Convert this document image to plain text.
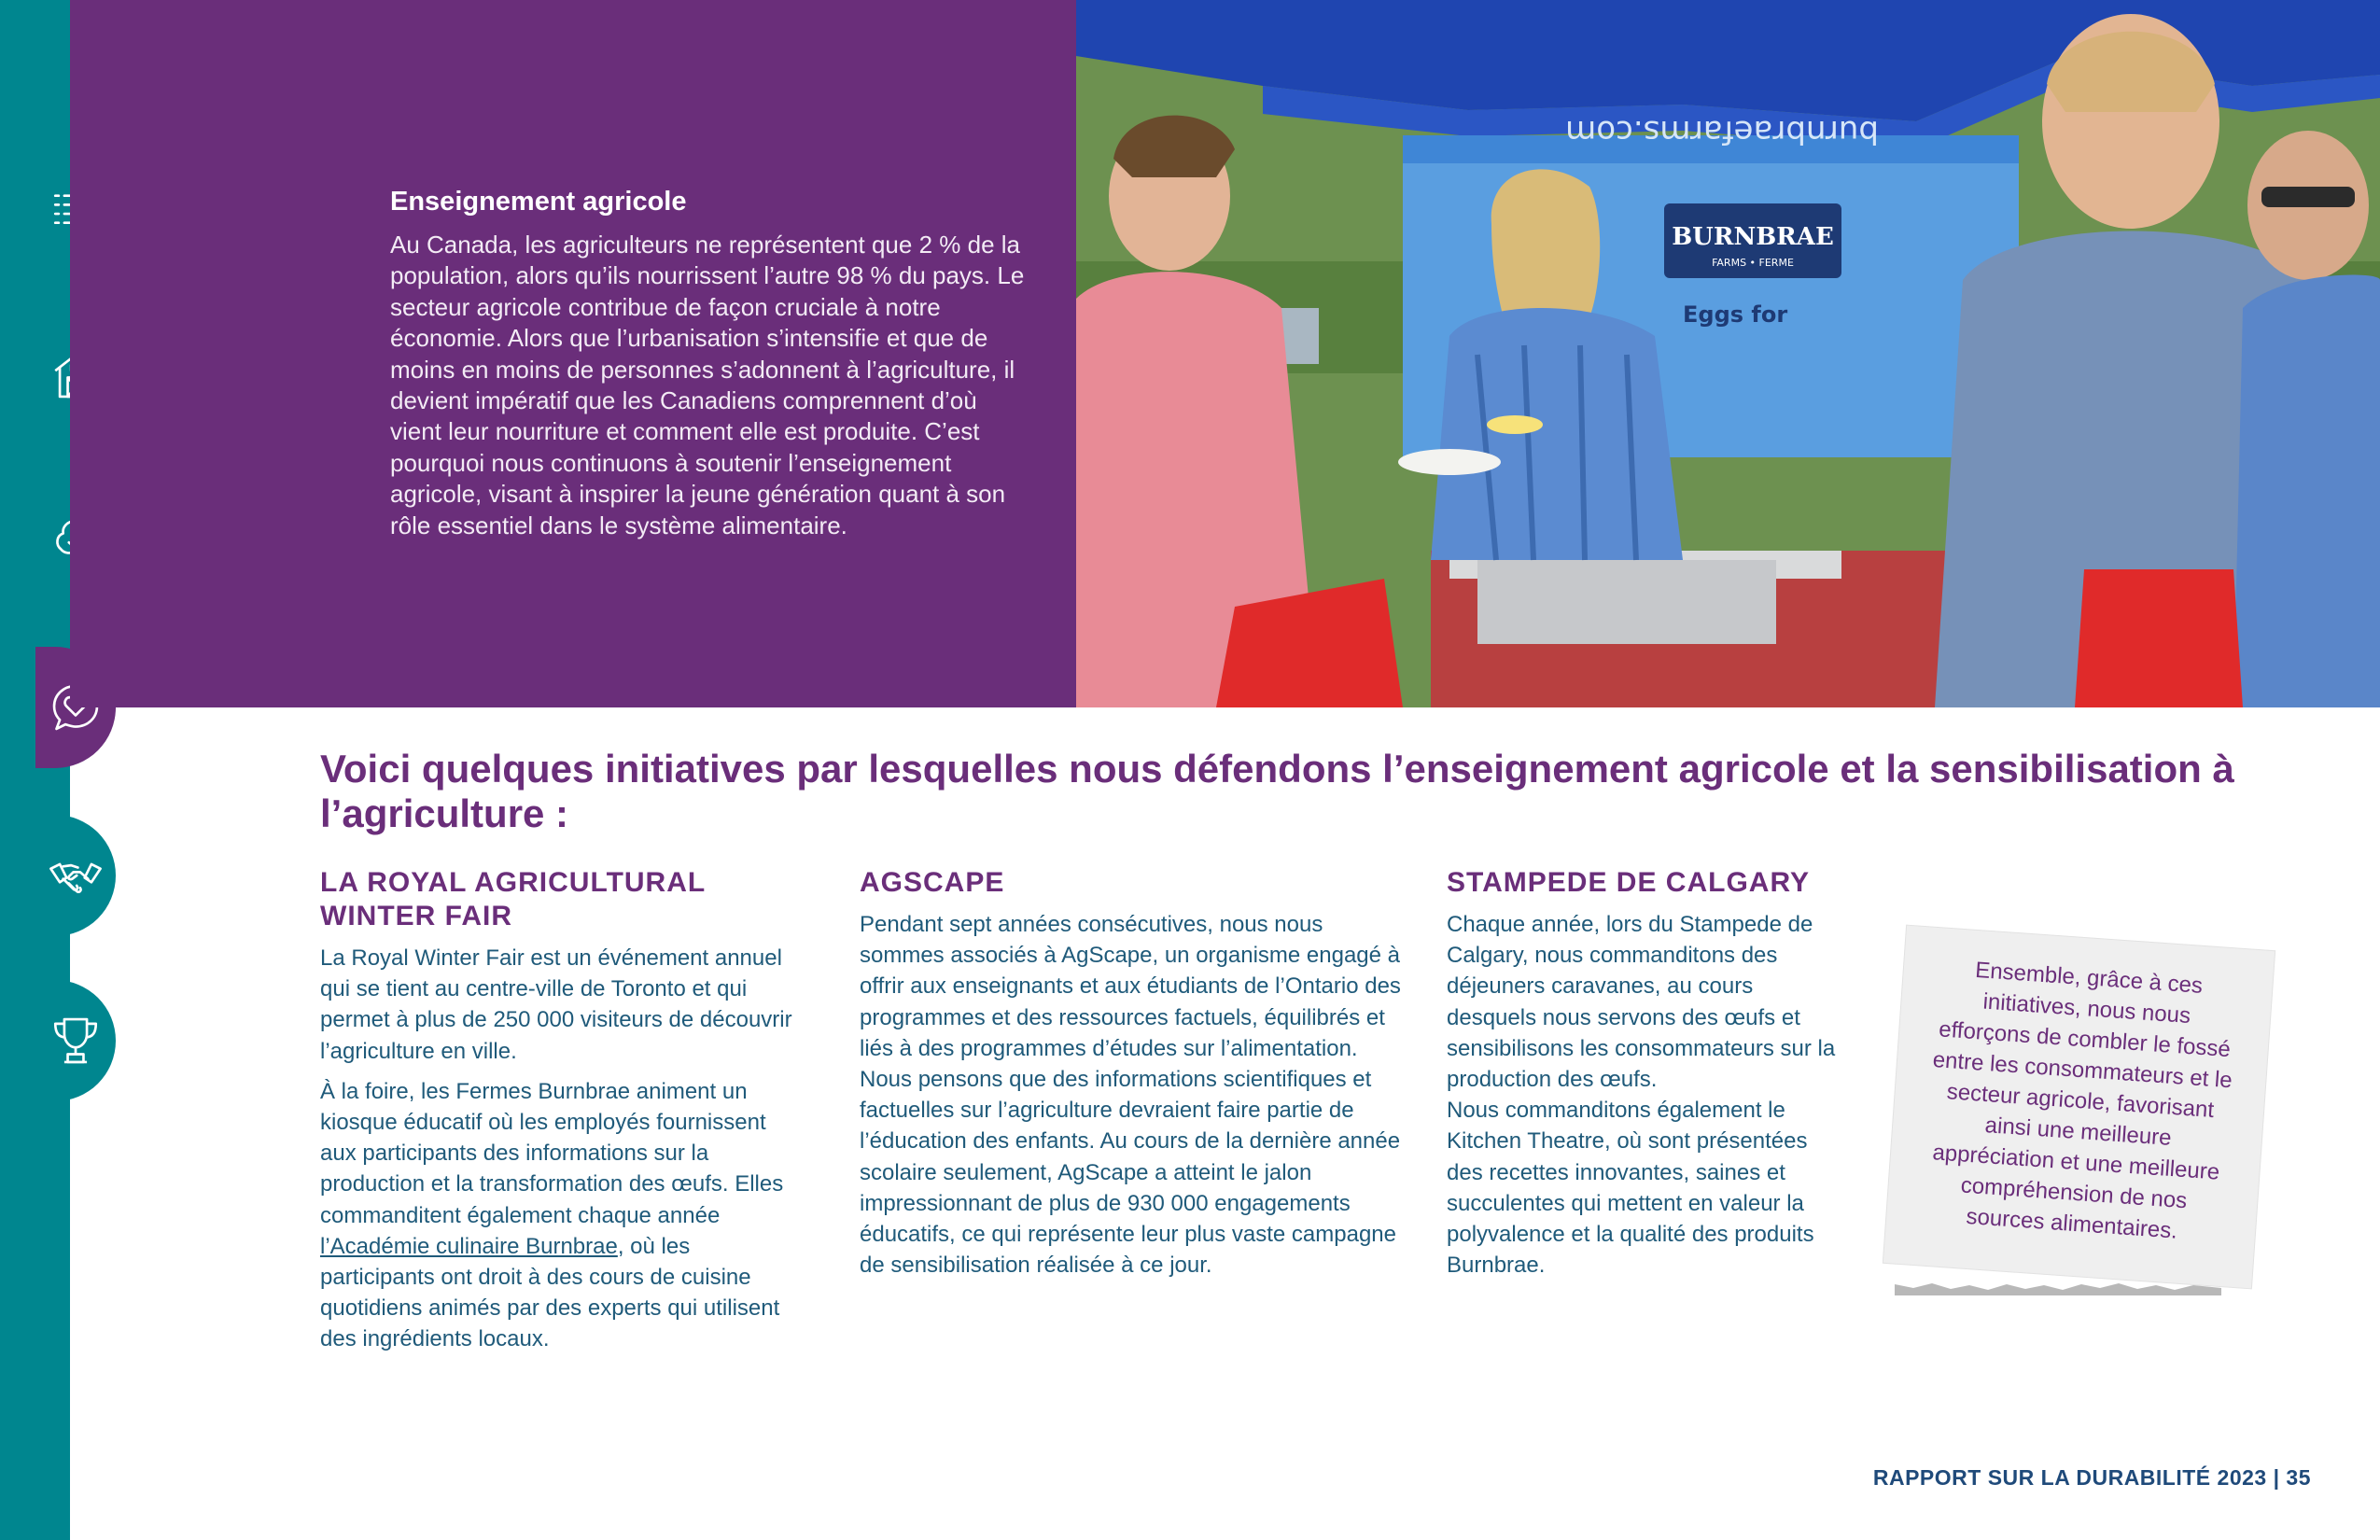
Enseignement agricole

Au Canada, les agriculteurs ne représentent que 2 % de la population, alors qu’ils nourrissent l’autre 98 % du pays. Le secteur agricole contribue de façon cruciale à notre économie. Alors que l’urbanisation s’intensifie et que de moins en moins de personnes s’adonnent à l’agriculture, il devient impératif que les Canadiens comprennent d’où vient leur nourriture et comment elle est produite. C’est pourquoi nous continuons à soutenir l’enseignement agricole, visant à inspirer la jeune génération quant à son rôle essentiel dans le système alimentaire.

burnbraefarms.com
BURNBRAE
FARMS • FERME
Eggs for
Voici quelques initiatives par lesquelles nous défendons l’enseignement agricole et la sensibilisation à l’agriculture :
LA ROYAL AGRICULTURAL WINTER FAIR

La Royal Winter Fair est un événement annuel qui se tient au centre-ville de Toronto et qui permet à plus de 250 000 visiteurs de découvrir l’agriculture en ville.

À la foire, les Fermes Burnbrae animent un kiosque éducatif où les employés fournissent aux participants des informations sur la production et la transformation des œufs. Elles commanditent également chaque année l’Académie culinaire Burnbrae, où les participants ont droit à des cours de cuisine quotidiens animés par des experts qui utilisent des ingrédients locaux.

AGSCAPE

Pendant sept années consécutives, nous nous sommes associés à AgScape, un organisme engagé à offrir aux enseignants et aux étudiants de l’Ontario des programmes et des ressources factuels, équilibrés et liés à des programmes d’études sur l’alimentation. Nous pensons que des informations scientifiques et factuelles sur l’agriculture devraient faire partie de l’éducation des enfants. Au cours de la dernière année scolaire seulement, AgScape a atteint le jalon impressionnant de plus de 930 000 engagements éducatifs, ce qui représente leur plus vaste campagne de sensibilisation réalisée à ce jour.

STAMPEDE DE CALGARY

Chaque année, lors du Stampede de Calgary, nous commanditons des déjeuners caravanes, au cours desquels nous servons des œufs et sensibilisons les consommateurs sur la production des œufs.

Nous commanditons également le Kitchen Theatre, où sont présentées des recettes innovantes, saines et succulentes qui mettent en valeur la polyvalence et la qualité des produits Burnbrae.

Ensemble, grâce à ces initiatives, nous nous efforçons de combler le fossé entre les consommateurs et le secteur agricole, favorisant ainsi une meilleure appréciation et une meilleure compréhension de nos sources alimentaires.

RAPPORT SUR LA DURABILITÉ 2023 | 35
